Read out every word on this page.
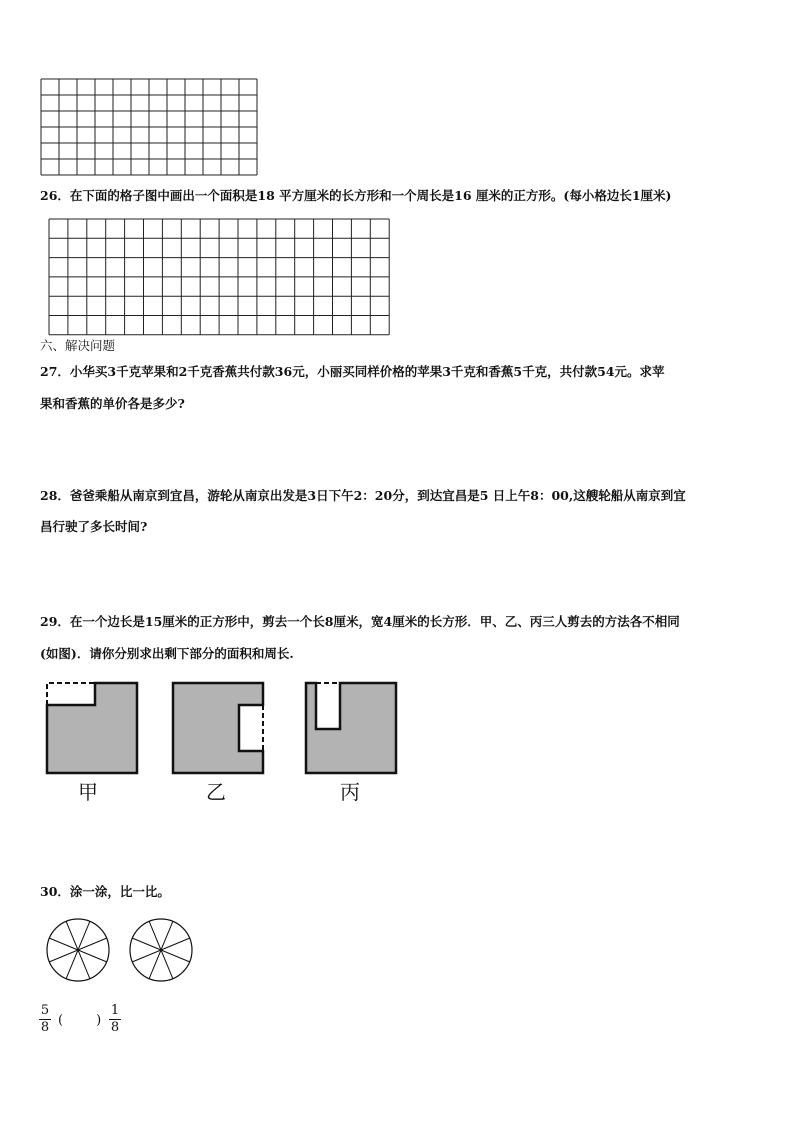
26．在下面的格子图中画出一个面积是18 平方厘米的长方形和一个周长是16 厘米的正方形。(每小格边长1厘米)
六、解决问题
27．小华买3千克苹果和2千克香蕉共付款36元，小丽买同样价格的苹果3千克和香蕉5千克，共付款54元。求苹
果和香蕉的单价各是多少?
28．爸爸乘船从南京到宜昌，游轮从南京出发是3日下午2：20分，到达宜昌是5 日上午8：00,这艘轮船从南京到宜
昌行驶了多长时间?
29．在一个边长是15厘米的正方形中，剪去一个长8厘米，宽4厘米的长方形．甲、乙、丙三人剪去的方法各不相同
(如图)．请你分别求出剩下部分的面积和周长.
甲	乙	丙
30．涂一涂，比一比。
5
8 (        )
1
8
